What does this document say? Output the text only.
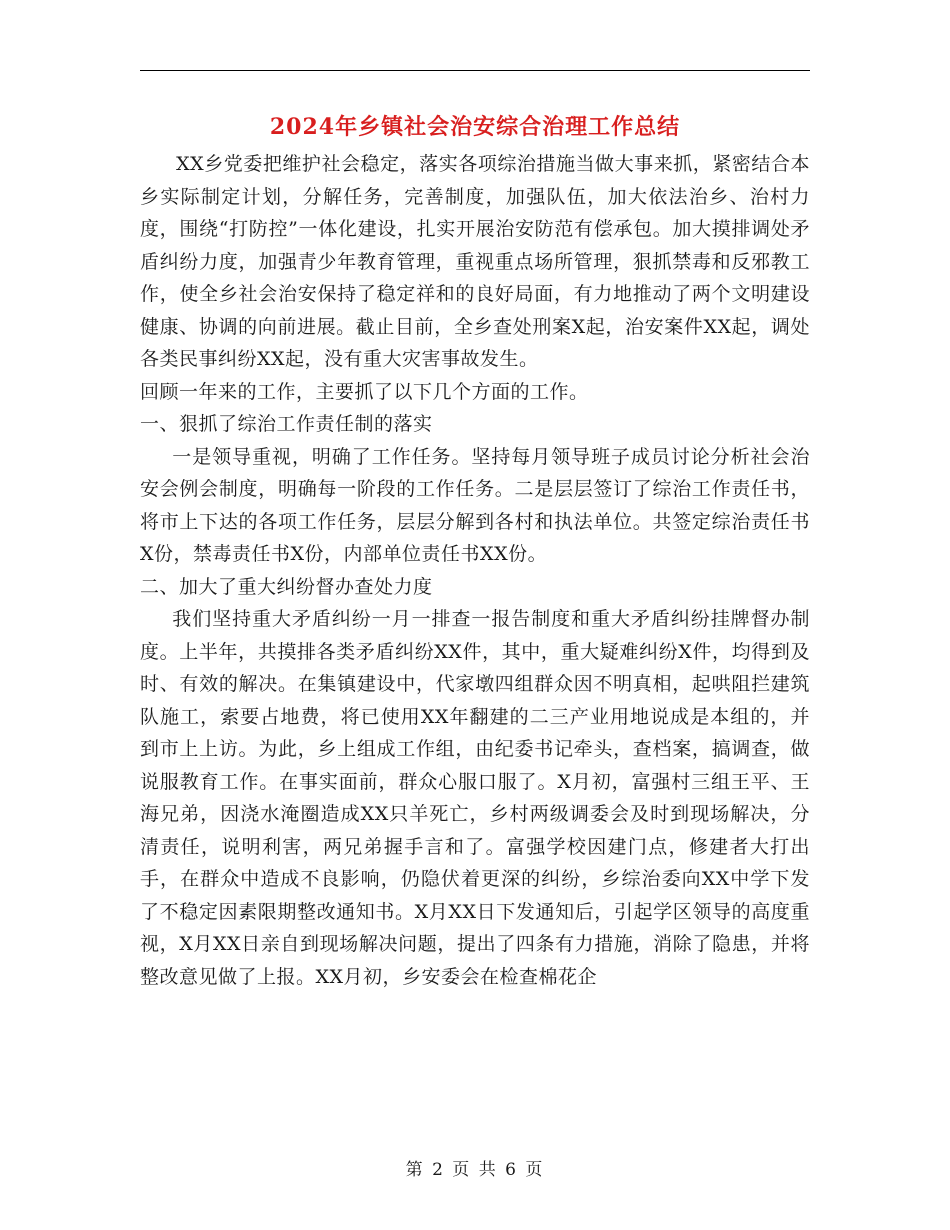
2024年乡镇社会治安综合治理工作总结

XX乡党委把维护社会稳定，落实各项综治措施当做大事来抓，紧密结合本乡实际制定计划，分解任务，完善制度，加强队伍，加大依法治乡、治村力度，围绕“打防控”一体化建设，扎实开展治安防范有偿承包。加大摸排调处矛盾纠纷力度，加强青少年教育管理，重视重点场所管理，狠抓禁毒和反邪教工作，使全乡社会治安保持了稳定祥和的良好局面，有力地推动了两个文明建设健康、协调的向前进展。截止目前，全乡查处刑案X起，治安案件XX起，调处各类民事纠纷XX起，没有重大灾害事故发生。

回顾一年来的工作，主要抓了以下几个方面的工作。

一、狠抓了综治工作责任制的落实

一是领导重视，明确了工作任务。坚持每月领导班子成员讨论分析社会治安会例会制度，明确每一阶段的工作任务。二是层层签订了综治工作责任书，将市上下达的各项工作任务，层层分解到各村和执法单位。共签定综治责任书X份，禁毒责任书X份，内部单位责任书XX份。

二、加大了重大纠纷督办查处力度

我们坚持重大矛盾纠纷一月一排查一报告制度和重大矛盾纠纷挂牌督办制度。上半年，共摸排各类矛盾纠纷XX件，其中，重大疑难纠纷X件，均得到及时、有效的解决。在集镇建设中，代家墩四组群众因不明真相，起哄阻拦建筑队施工，索要占地费，将已使用XX年翻建的二三产业用地说成是本组的，并到市上上访。为此，乡上组成工作组，由纪委书记牵头，查档案，搞调查，做说服教育工作。在事实面前，群众心服口服了。X月初，富强村三组王平、王海兄弟，因浇水淹圈造成XX只羊死亡，乡村两级调委会及时到现场解决，分清责任，说明利害，两兄弟握手言和了。富强学校因建门点，修建者大打出手，在群众中造成不良影响，仍隐伏着更深的纠纷，乡综治委向XX中学下发了不稳定因素限期整改通知书。X月XX日下发通知后，引起学区领导的高度重视，X月XX日亲自到现场解决问题，提出了四条有力措施，消除了隐患，并将整改意见做了上报。XX月初，乡安委会在检查棉花企

第 2 页 共 6 页
